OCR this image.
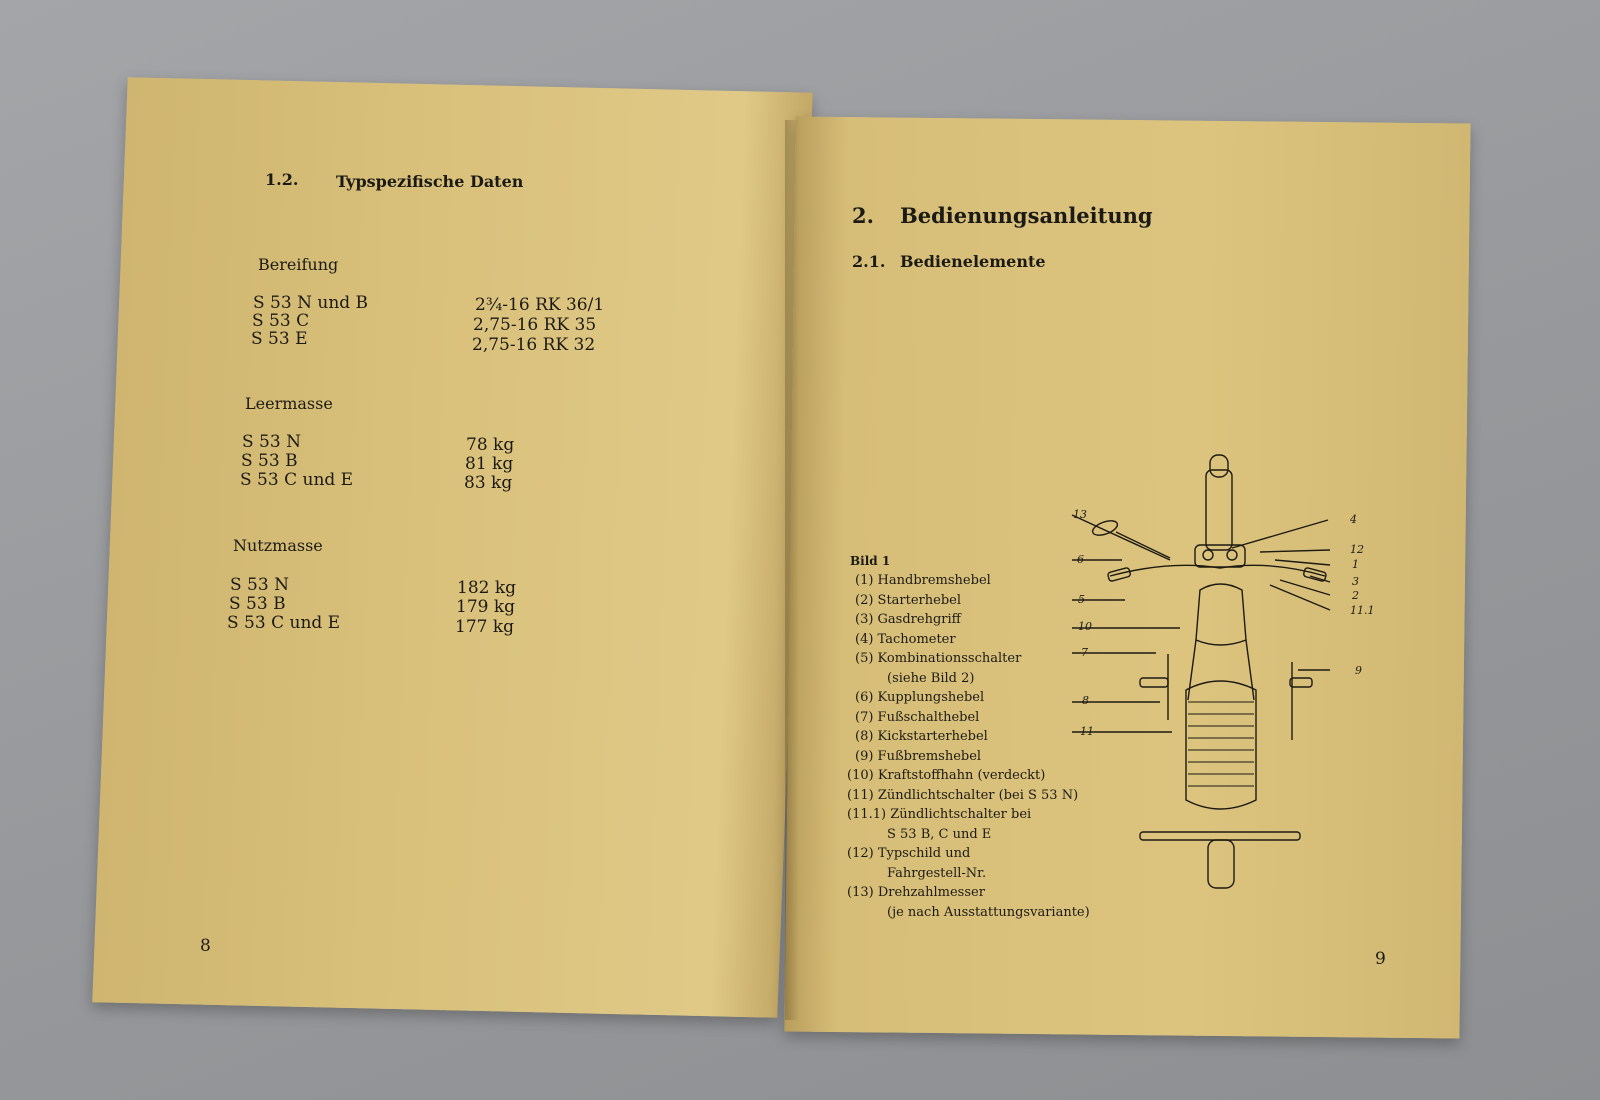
1.2. Typspezifische Daten
Bereifung
S 53 N und B	2¾-16 RK 36/1
S 53 C	2,75-16 RK 35
S 53 E	2,75-16 RK 32
Leermasse
S 53 N	78 kg
S 53 B	81 kg
S 53 C und E	83 kg
Nutzmasse
S 53 N	182 kg
S 53 B	179 kg
S 53 C und E	177 kg
8
2. Bedienungsanleitung
2.1. Bedienelemente
Bild 1
(1) Handbremshebel
(2) Starterhebel
(3) Gasdrehgriff
(4) Tachometer
(5) Kombinationsschalter
(siehe Bild 2)
(6) Kupplungshebel
(7) Fußschalthebel
(8) Kickstarterhebel
(9) Fußbremshebel
(10) Kraftstoffhahn (verdeckt)
(11) Zündlichtschalter (bei S 53 N)
(11.1) Zündlichtschalter bei
S 53 B, C und E
(12) Typschild und
Fahrgestell-Nr.
(13) Drehzahlmesser
(je nach Ausstattungsvariante)
13
6
5
10
7
8
11
4
12
1
3
2
11.1
9
9
